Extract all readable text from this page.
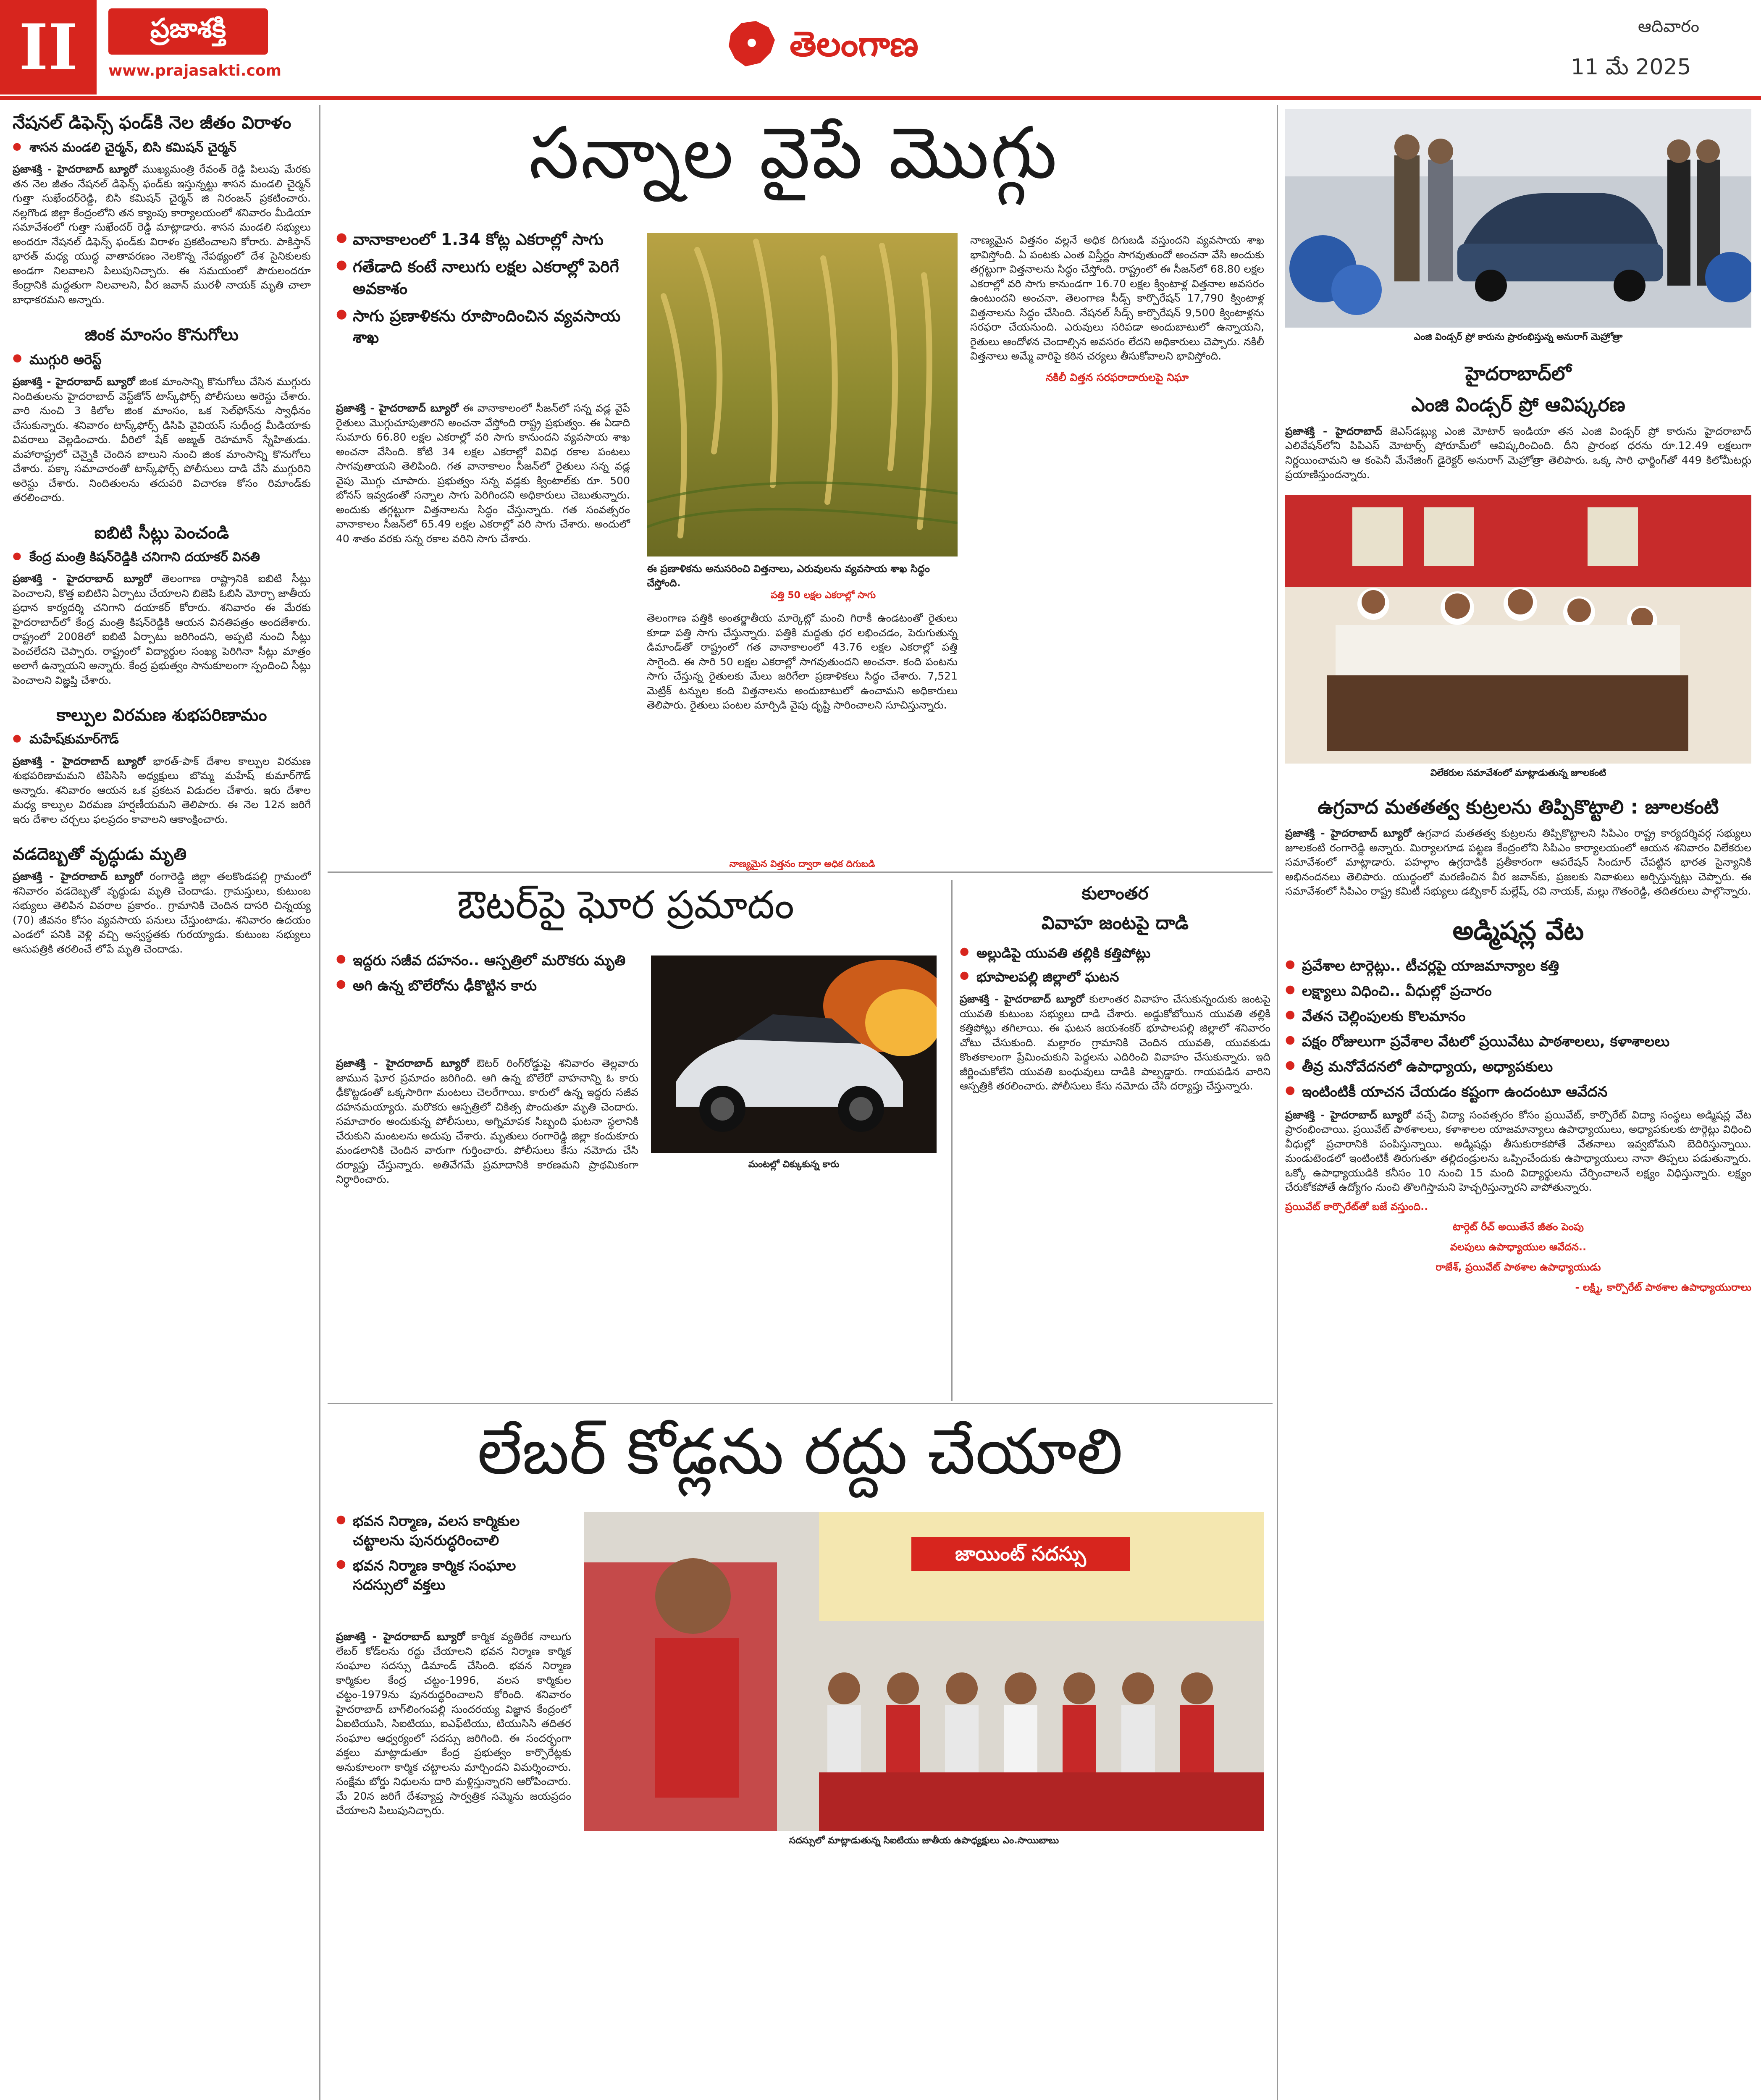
II	ప్రజాశక్తి
www.prajasakti.com
తెలంగాణ	ఆదివారం
11 మే 2025
నేషనల్ డిఫెన్స్ ఫండ్‌కి నెల జీతం విరాళం
● శాసన మండలి చైర్మన్, బిసి కమిషన్ చైర్మన్
ప్రజాశక్తి - హైదరాబాద్ బ్యూరో ముఖ్యమంత్రి రేవంత్ రెడ్డి పిలుపు మేరకు తన నెల జీతం నేషనల్ డిఫెన్స్ ఫండ్‌కు ఇస్తున్నట్టు శాసన మండలి చైర్మన్ గుత్తా సుఖేందర్‌రెడ్డి, బిసి కమిషన్ చైర్మన్ జి నిరంజన్ ప్రకటించారు. నల్లగొండ జిల్లా కేంద్రంలోని తన క్యాంపు కార్యాలయంలో శనివారం మీడియా సమావేశంలో గుత్తా సుఖేందర్ రెడ్డి మాట్లాడారు. శాసన మండలి సభ్యులు అందరూ నేషనల్ డిఫెన్స్ ఫండ్‌కు విరాళం ప్రకటించాలని కోరారు. పాకిస్తాన్ భారత్ మధ్య యుద్ధ వాతావరణం నెలకొన్న నేపథ్యంలో దేశ సైనికులకు అండగా నిలవాలని పిలుపునిచ్చారు. ఈ సమయంలో పౌరులందరూ కేంద్రానికి మద్దతుగా నిలవాలని, వీర జవాన్ మురళీ నాయక్ మృతి చాలా బాధాకరమని అన్నారు.
జింక మాంసం కొనుగోలు
● ముగ్గురి అరెస్ట్
ప్రజాశక్తి - హైదరాబాద్ బ్యూరో జింక మాంసాన్ని కొనుగోలు చేసిన ముగ్గురు నిందితులను హైదరాబాద్ వెస్ట్‌జోన్ టాస్క్‌ఫోర్స్ పోలీసులు అరెస్టు చేశారు. వారి నుంచి 3 కిలోల జింక మాంసం, ఒక సెల్‌ఫోన్‌ను స్వాధీనం చేసుకున్నారు. శనివారం టాస్క్‌ఫోర్స్ డిసిపి వైవియస్ సుధీంద్ర మీడియాకు వివరాలు వెల్లడించారు. వీరిలో షేక్ అజ్మత్ రెహమాన్ స్నేహితుడు. మహారాష్ట్రలో చెన్నైకి చెందిన బాలుని నుంచి జింక మాంసాన్ని కొనుగోలు చేశారు. పక్కా సమాచారంతో టాస్క్‌ఫోర్స్ పోలీసులు దాడి చేసి ముగ్గురిని అరెస్టు చేశారు. నిందితులను తదుపరి విచారణ కోసం రిమాండ్‌కు తరలించారు.
ఐబిటి సీట్లు పెంచండి
● కేంద్ర మంత్రి కిషన్‌రెడ్డికి చనిగాని దయాకర్ వినతి
ప్రజాశక్తి - హైదరాబాద్ బ్యూరో తెలంగాణ రాష్ట్రానికి ఐబిటి సీట్లు పెంచాలని, కొత్త ఐబిటిని ఏర్పాటు చేయాలని బిజెపి ఓబిసి మోర్చా జాతీయ ప్రధాన కార్యదర్శి చనిగాని దయాకర్ కోరారు. శనివారం ఈ మేరకు హైదరాబాద్‌లో కేంద్ర మంత్రి కిషన్‌రెడ్డికి ఆయన వినతిపత్రం అందజేశారు. రాష్ట్రంలో 2008లో ఐబిటి ఏర్పాటు జరిగిందని, అప్పటి నుంచి సీట్లు పెంచలేదని చెప్పారు. రాష్ట్రంలో విద్యార్థుల సంఖ్య పెరిగినా సీట్లు మాత్రం అలాగే ఉన్నాయని అన్నారు. కేంద్ర ప్రభుత్వం సానుకూలంగా స్పందించి సీట్లు పెంచాలని విజ్ఞప్తి చేశారు.
కాల్పుల విరమణ శుభపరిణామం
● మహేష్‌కుమార్‌గౌడ్
ప్రజాశక్తి - హైదరాబాద్ బ్యూరో భారత్-పాక్ దేశాల కాల్పుల విరమణ శుభపరిణామమని టిపిసిసి అధ్యక్షులు బొమ్మ మహేష్ కుమార్‌గౌడ్ అన్నారు. శనివారం ఆయన ఒక ప్రకటన విడుదల చేశారు. ఇరు దేశాల మధ్య కాల్పుల విరమణ హర్షణీయమని తెలిపారు. ఈ నెల 12న జరిగే ఇరు దేశాల చర్చలు ఫలప్రదం కావాలని ఆకాంక్షించారు.
వడదెబ్బతో వృద్ధుడు మృతి
ప్రజాశక్తి - హైదరాబాద్ బ్యూరో రంగారెడ్డి జిల్లా తలకొండపల్లి గ్రామంలో శనివారం వడదెబ్బతో వృద్ధుడు మృతి చెందాడు. గ్రామస్తులు, కుటుంబ సభ్యులు తెలిపిన వివరాల ప్రకారం.. గ్రామానికి చెందిన దాసరి చిన్నయ్య (70) జీవనం కోసం వ్యవసాయ పనులు చేస్తుంటాడు. శనివారం ఉదయం ఎండలో పనికి వెళ్లి వచ్చి అస్వస్థతకు గురయ్యాడు. కుటుంబ సభ్యులు ఆసుపత్రికి తరలించే లోపే మృతి చెందాడు.
సన్నాల వైపే మొగ్గు
● వానాకాలంలో 1.34 కోట్ల ఎకరాల్లో సాగు
● గతేడాది కంటే నాలుగు లక్షల ఎకరాల్లో పెరిగే అవకాశం
● సాగు ప్రణాళికను రూపొందించిన వ్యవసాయ శాఖ
ప్రజాశక్తి - హైదరాబాద్ బ్యూరో ఈ వానాకాలంలో సీజన్‌లో సన్న వడ్ల వైపే రైతులు మొగ్గుచూపుతారని అంచనా వేస్తోంది రాష్ట్ర ప్రభుత్వం. ఈ ఏడాది సుమారు 66.80 లక్షల ఎకరాల్లో వరి సాగు కానుందని వ్యవసాయ శాఖ అంచనా వేసింది. కోటి 34 లక్షల ఎకరాల్లో వివిధ రకాల పంటలు సాగవుతాయని తెలిపింది. గత వానాకాలం సీజన్‌లో రైతులు సన్న వడ్ల వైపు మొగ్గు చూపారు. ప్రభుత్వం సన్న వడ్లకు క్వింటాల్‌కు రూ. 500 బోనస్ ఇవ్వడంతో సన్నాల సాగు పెరిగిందని అధికారులు చెబుతున్నారు. అందుకు తగ్గట్టుగా విత్తనాలను సిద్ధం చేస్తున్నారు. గత సంవత్సరం వానాకాలం సీజన్‌లో 65.49 లక్షల ఎకరాల్లో వరి సాగు చేశారు. అందులో 40 శాతం వరకు సన్న రకాల వరిని సాగు చేశారు.
ఈ ప్రణాళికను అనుసరించి విత్తనాలు, ఎరువులను వ్యవసాయ శాఖ సిద్ధం చేస్తోంది.
పత్తి 50 లక్షల ఎకరాల్లో సాగు
తెలంగాణ పత్తికి అంతర్జాతీయ మార్కెట్లో మంచి గిరాకీ ఉండటంతో రైతులు కూడా పత్తి సాగు చేస్తున్నారు. పత్తికి మద్దతు ధర లభించడం, పెరుగుతున్న డిమాండ్‌తో రాష్ట్రంలో గత వానాకాలంలో 43.76 లక్షల ఎకరాల్లో పత్తి సాగైంది. ఈ సారి 50 లక్షల ఎకరాల్లో సాగవుతుందని అంచనా. కంది పంటను సాగు చేస్తున్న రైతులకు మేలు జరిగేలా ప్రణాళికలు సిద్ధం చేశారు. 7,521 మెట్రిక్ టన్నుల కంది విత్తనాలను అందుబాటులో ఉంచామని అధికారులు తెలిపారు. రైతులు పంటల మార్పిడి వైపు దృష్టి సారించాలని సూచిస్తున్నారు.
నాణ్యమైన విత్తనం వల్లనే అధిక దిగుబడి వస్తుందని వ్యవసాయ శాఖ భావిస్తోంది. ఏ పంటకు ఎంత విస్తీర్ణం సాగవుతుందో అంచనా వేసి అందుకు తగ్గట్టుగా విత్తనాలను సిద్ధం చేస్తోంది. రాష్ట్రంలో ఈ సీజన్‌లో 68.80 లక్షల ఎకరాల్లో వరి సాగు కానుండగా 16.70 లక్షల క్వింటాళ్ల విత్తనాల అవసరం ఉంటుందని అంచనా. తెలంగాణ సీడ్స్ కార్పొరేషన్ 17,790 క్వింటాళ్ల విత్తనాలను సిద్ధం చేసింది. నేషనల్ సీడ్స్ కార్పొరేషన్ 9,500 క్వింటాళ్లను సరఫరా చేయనుంది. ఎరువులు సరిపడా అందుబాటులో ఉన్నాయని, రైతులు ఆందోళన చెందాల్సిన అవసరం లేదని అధికారులు చెప్పారు. నకిలీ విత్తనాలు అమ్మే వారిపై కఠిన చర్యలు తీసుకోవాలని భావిస్తోంది.
నకిలీ విత్తన సరఫరాదారులపై నిఘా
నాణ్యమైన విత్తనం ద్వారా అధిక దిగుబడి
ఎంజి విండ్సర్ ప్రో కారును ప్రారంభిస్తున్న అనురాగ్ మెహ్రోత్రా
హైదరాబాద్‌లో
ఎంజి విండ్సర్ ప్రో ఆవిష్కరణ
ప్రజాశక్తి - హైదరాబాద్ జెఎస్‌డబ్ల్యు ఎంజి మోటార్ ఇండియా తన ఎంజి విండ్సర్ ప్రో కారును హైదరాబాద్ ఎలివేషన్‌లోని పిపిఎస్ మోటార్స్ షోరూమ్‌లో ఆవిష్కరించింది. దీని ప్రారంభ ధరను రూ.12.49 లక్షలుగా నిర్ణయించామని ఆ కంపెనీ మేనేజింగ్ డైరెక్టర్ అనురాగ్ మెహ్రోత్రా తెలిపారు. ఒక్క సారి ఛార్జింగ్‌తో 449 కిలోమీటర్లు ప్రయాణిస్తుందన్నారు.
విలేకరుల సమావేశంలో మాట్లాడుతున్న జూలకంటి
ఉగ్రవాద మతతత్వ కుట్రలను తిప్పికొట్టాలి : జూలకంటి
ప్రజాశక్తి - హైదరాబాద్ బ్యూరో ఉగ్రవాద మతతత్వ కుట్రలను తిప్పికొట్టాలని సిపిఎం రాష్ట్ర కార్యదర్శివర్గ సభ్యులు జూలకంటి రంగారెడ్డి అన్నారు. మిర్యాలగూడ పట్టణ కేంద్రంలోని సిపిఎం కార్యాలయంలో ఆయన శనివారం విలేకరుల సమావేశంలో మాట్లాడారు. పహల్గాం ఉగ్రదాడికి ప్రతీకారంగా ఆపరేషన్ సిందూర్ చేపట్టిన భారత సైన్యానికి అభినందనలు తెలిపారు. యుద్ధంలో మరణించిన వీర జవాన్‌కు, ప్రజలకు నివాళులు అర్పిస్తున్నట్లు చెప్పారు. ఈ సమావేశంలో సిపిఎం రాష్ట్ర కమిటీ సభ్యులు డబ్బికార్ మల్లేష్, రవి నాయక్, మల్లు గౌతంరెడ్డి, తదితరులు పాల్గొన్నారు.
అడ్మిషన్ల వేట
● ప్రవేశాల టార్గెట్లు.. టీచర్లపై యాజమాన్యాల కత్తి
● లక్ష్యాలు విధించి.. వీధుల్లో ప్రచారం
● వేతన చెల్లింపులకు కొలమానం
● పక్షం రోజులుగా ప్రవేశాల వేటలో ప్రయివేటు పాఠశాలలు, కళాశాలలు
● తీవ్ర మనోవేదనలో ఉపాధ్యాయ, అధ్యాపకులు
● ఇంటింటికీ యాచన చేయడం కష్టంగా ఉందంటూ ఆవేదన
ప్రజాశక్తి - హైదరాబాద్ బ్యూరో వచ్చే విద్యా సంవత్సరం కోసం ప్రయివేట్, కార్పొరేట్ విద్యా సంస్థలు అడ్మిషన్ల వేట ప్రారంభించాయి. ప్రయివేట్ పాఠశాలలు, కళాశాలల యాజమాన్యాలు ఉపాధ్యాయులు, అధ్యాపకులకు టార్గెట్లు విధించి వీధుల్లో ప్రచారానికి పంపిస్తున్నాయి. అడ్మిషన్లు తీసుకురాకపోతే వేతనాలు ఇవ్వబోమని బెదిరిస్తున్నాయి. మండుటెండలో ఇంటింటికీ తిరుగుతూ తల్లిదండ్రులను ఒప్పించేందుకు ఉపాధ్యాయులు నానా తిప్పలు పడుతున్నారు. ఒక్కో ఉపాధ్యాయుడికి కనీసం 10 నుంచి 15 మంది విద్యార్థులను చేర్పించాలనే లక్ష్యం విధిస్తున్నారు. లక్ష్యం చేరుకోకపోతే ఉద్యోగం నుంచి తొలగిస్తామని హెచ్చరిస్తున్నారని వాపోతున్నారు.
ప్రయివేట్ కార్పొరేట్‌తో బజే వస్తుంది..
టార్గెట్ రీచ్ అయితేనే జీతం పెంపు
వలపులు ఉపాధ్యాయుల ఆవేదన..
రాజేశ్, ప్రయివేట్ పాఠశాల ఉపాధ్యాయుడు
- లక్ష్మి, కార్పొరేట్ పాఠశాల ఉపాధ్యాయురాలు
ఔటర్‌పై ఘోర ప్రమాదం
● ఇద్దరు సజీవ దహనం.. ఆస్పత్రిలో మరొకరు మృతి
● అగి ఉన్న బొలేరోను ఢీకొట్టిన కారు
ప్రజాశక్తి - హైదరాబాద్ బ్యూరో ఔటర్ రింగ్‌రోడ్డుపై శనివారం తెల్లవారు జామున ఘోర ప్రమాదం జరిగింది. ఆగి ఉన్న బొలేరో వాహనాన్ని ఓ కారు ఢీకొట్టడంతో ఒక్కసారిగా మంటలు చెలరేగాయి. కారులో ఉన్న ఇద్దరు సజీవ దహనమయ్యారు. మరొకరు ఆస్పత్రిలో చికిత్స పొందుతూ మృతి చెందారు. సమాచారం అందుకున్న పోలీసులు, అగ్నిమాపక సిబ్బంది ఘటనా స్థలానికి చేరుకుని మంటలను అదుపు చేశారు. మృతులు రంగారెడ్డి జిల్లా కందుకూరు మండలానికి చెందిన వారుగా గుర్తించారు. పోలీసులు కేసు నమోదు చేసి దర్యాప్తు చేస్తున్నారు. అతివేగమే ప్రమాదానికి కారణమని ప్రాథమికంగా నిర్ధారించారు.
మంటల్లో చిక్కుకున్న కారు
కులాంతర
వివాహ జంటపై దాడి
● అల్లుడిపై యువతి తల్లికి కత్తిపోట్లు
● భూపాలపల్లి జిల్లాలో ఘటన
ప్రజాశక్తి - హైదరాబాద్ బ్యూరో కులాంతర వివాహం చేసుకున్నందుకు జంటపై యువతి కుటుంబ సభ్యులు దాడి చేశారు. అడ్డుకోబోయిన యువతి తల్లికి కత్తిపోట్లు తగిలాయి. ఈ ఘటన జయశంకర్ భూపాలపల్లి జిల్లాలో శనివారం చోటు చేసుకుంది. మల్లారం గ్రామానికి చెందిన యువతి, యువకుడు కొంతకాలంగా ప్రేమించుకుని పెద్దలను ఎదిరించి వివాహం చేసుకున్నారు. ఇది జీర్ణించుకోలేని యువతి బంధువులు దాడికి పాల్పడ్డారు. గాయపడిన వారిని ఆస్పత్రికి తరలించారు. పోలీసులు కేసు నమోదు చేసి దర్యాప్తు చేస్తున్నారు.
లేబర్ కోడ్లను రద్దు చేయాలి
● భవన నిర్మాణ, వలస కార్మికుల చట్టాలను పునరుద్ధరించాలి
● భవన నిర్మాణ కార్మిక సంఘాల సదస్సులో వక్తలు
ప్రజాశక్తి - హైదరాబాద్ బ్యూరో కార్మిక వ్యతిరేక నాలుగు లేబర్ కోడ్‌లను రద్దు చేయాలని భవన నిర్మాణ కార్మిక సంఘాల సదస్సు డిమాండ్ చేసింది. భవన నిర్మాణ కార్మికుల కేంద్ర చట్టం-1996, వలస కార్మికుల చట్టం-1979ను పునరుద్ధరించాలని కోరింది. శనివారం హైదరాబాద్ బాగ్‌లింగంపల్లి సుందరయ్య విజ్ఞాన కేంద్రంలో ఏఐటియుసి, సిఐటియు, ఐఎఫ్‌టియు, టియుసిసి తదితర సంఘాల ఆధ్వర్యంలో సదస్సు జరిగింది. ఈ సందర్భంగా వక్తలు మాట్లాడుతూ కేంద్ర ప్రభుత్వం కార్పొరేట్లకు అనుకూలంగా కార్మిక చట్టాలను మార్చిందని విమర్శించారు. సంక్షేమ బోర్డు నిధులను దారి మళ్లిస్తున్నారని ఆరోపించారు. మే 20న జరిగే దేశవ్యాప్త సార్వత్రిక సమ్మెను జయప్రదం చేయాలని పిలుపునిచ్చారు.
జాయింట్ సదస్సు
సదస్సులో మాట్లాడుతున్న సిఐటియు జాతీయ ఉపాధ్యక్షులు ఎం.సాయిబాబు
